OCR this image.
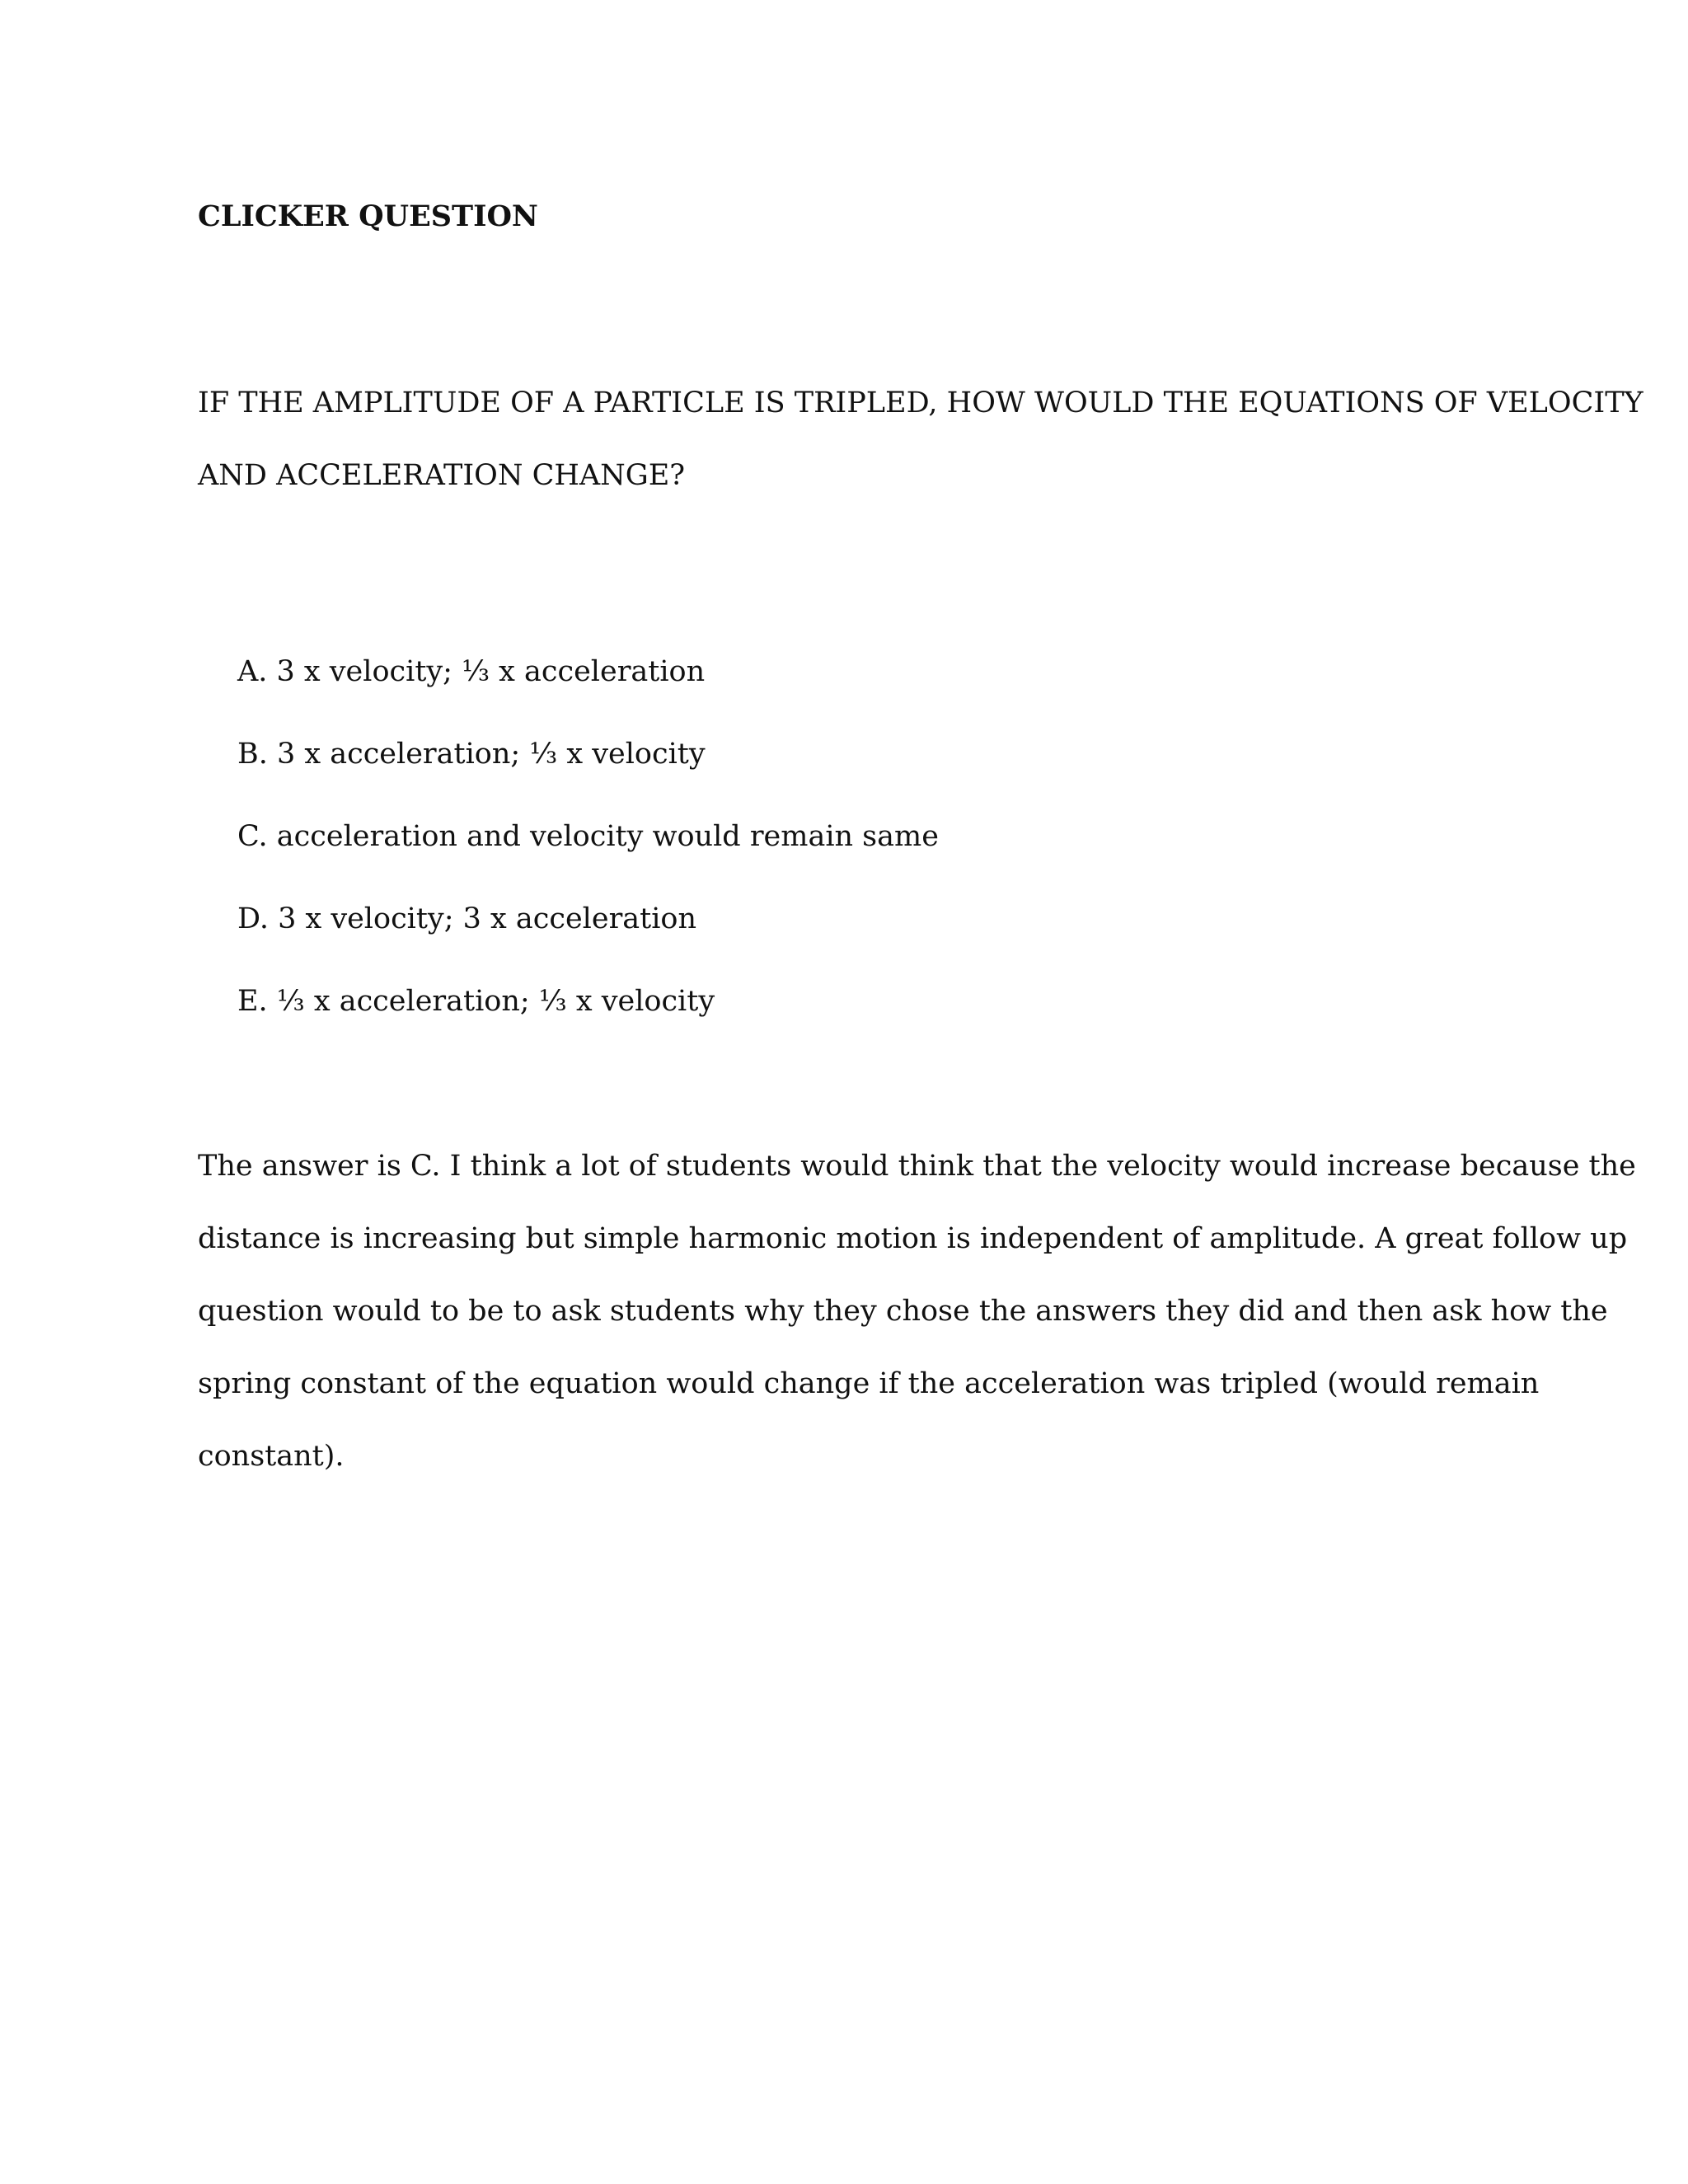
CLICKER QUESTION
IF THE AMPLITUDE OF A PARTICLE IS TRIPLED, HOW WOULD THE EQUATIONS OF VELOCITY
AND ACCELERATION CHANGE?
A. 3 x velocity; ⅓ x acceleration
B. 3 x acceleration; ⅓ x velocity
C. acceleration and velocity would remain same
D. 3 x velocity; 3 x acceleration
E. ⅓ x acceleration; ⅓ x velocity
The answer is C. I think a lot of students would think that the velocity would increase because the
distance is increasing but simple harmonic motion is independent of amplitude. A great follow up
question would to be to ask students why they chose the answers they did and then ask how the
spring constant of the equation would change if the acceleration was tripled (would remain
constant).
